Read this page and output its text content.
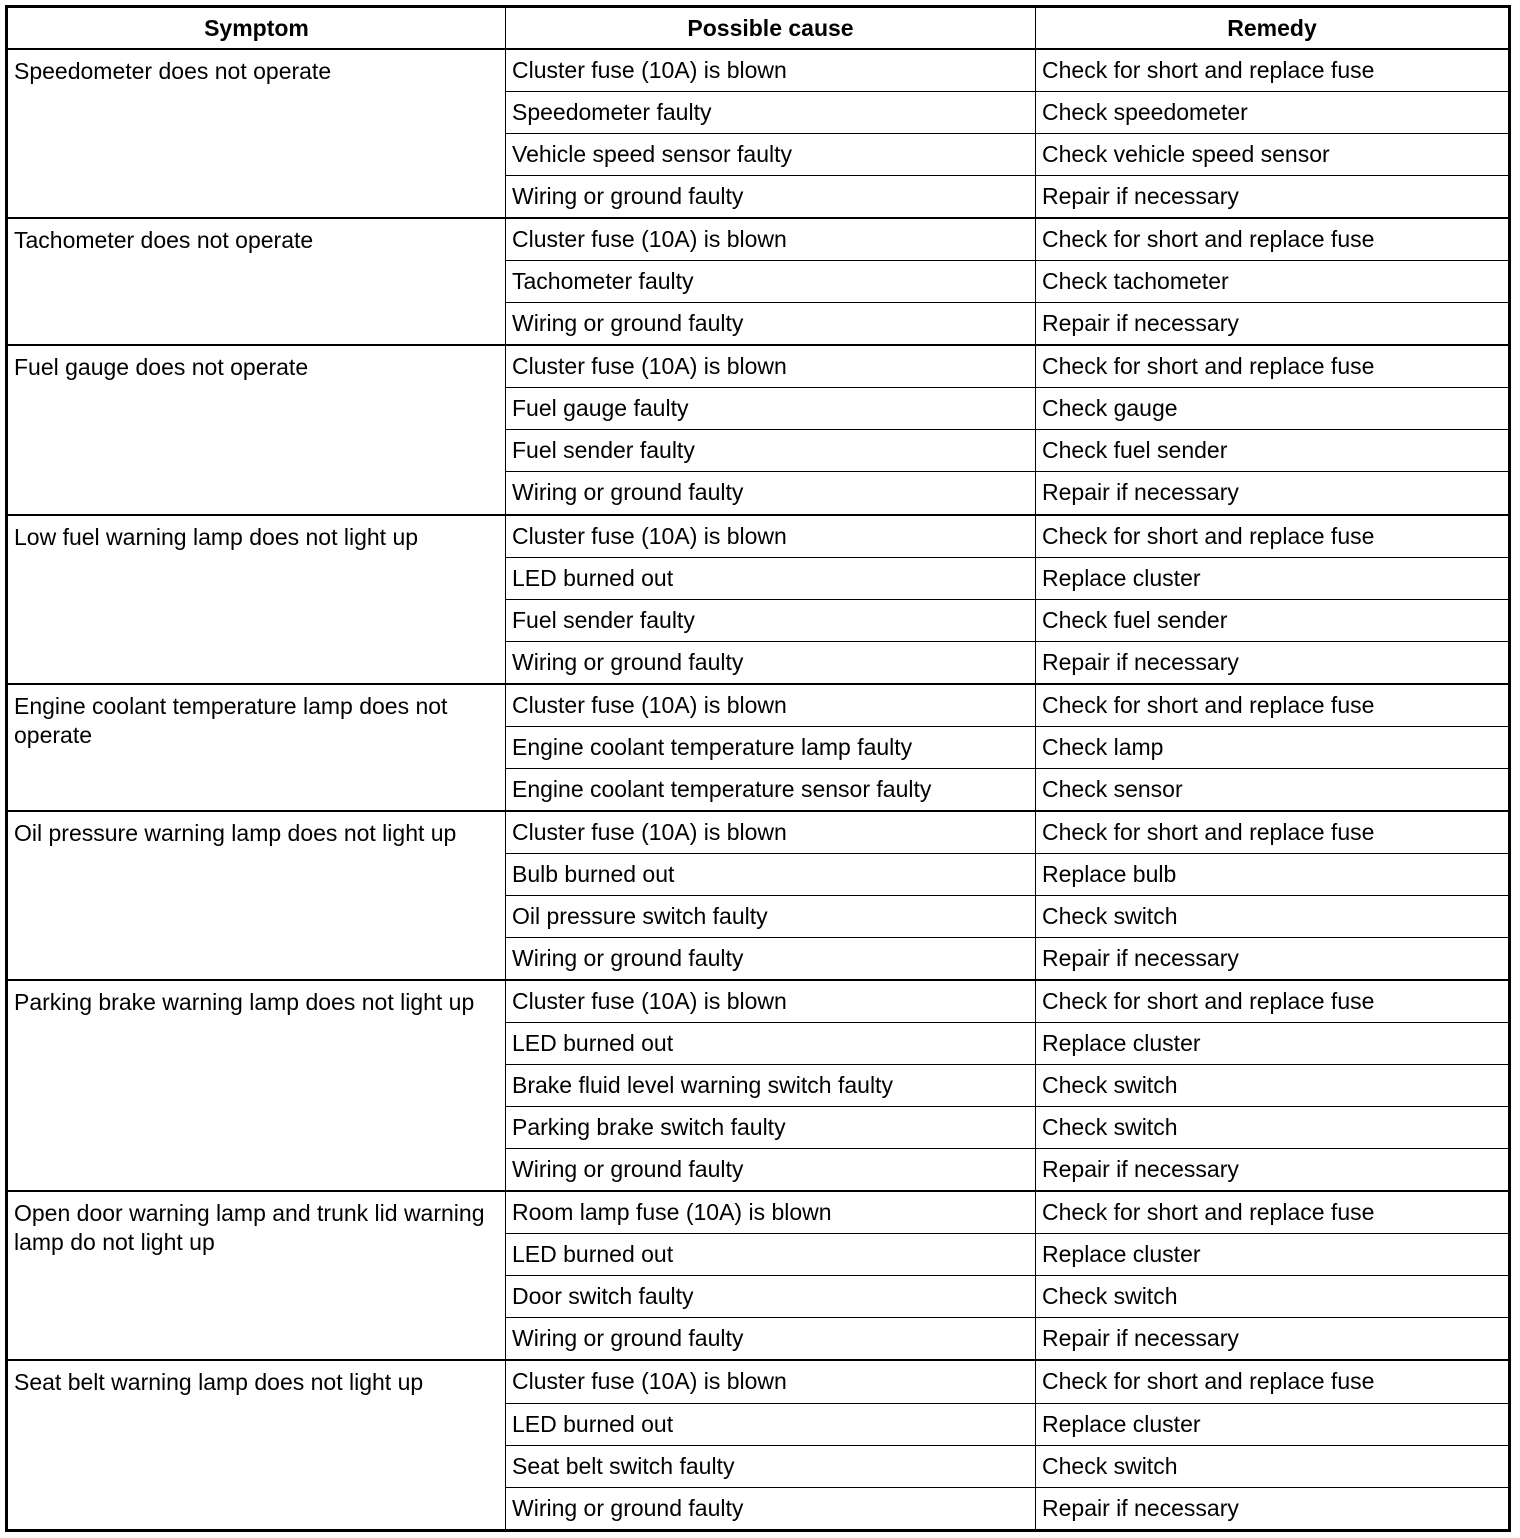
Symptom	Possible cause	Remedy
Speedometer does not operate	Cluster fuse (10A) is blown	Check for short and replace fuse
	Speedometer faulty	Check speedometer
	Vehicle speed sensor faulty	Check vehicle speed sensor
	Wiring or ground faulty	Repair if necessary
Tachometer does not operate	Cluster fuse (10A) is blown	Check for short and replace fuse
	Tachometer faulty	Check tachometer
	Wiring or ground faulty	Repair if necessary
Fuel gauge does not operate	Cluster fuse (10A) is blown	Check for short and replace fuse
	Fuel gauge faulty	Check gauge
	Fuel sender faulty	Check fuel sender
	Wiring or ground faulty	Repair if necessary
Low fuel warning lamp does not light up	Cluster fuse (10A) is blown	Check for short and replace fuse
	LED burned out	Replace cluster
	Fuel sender faulty	Check fuel sender
	Wiring or ground faulty	Repair if necessary
Engine coolant temperature lamp does not operate	Cluster fuse (10A) is blown	Check for short and replace fuse
	Engine coolant temperature lamp faulty	Check lamp
	Engine coolant temperature sensor faulty	Check sensor
Oil pressure warning lamp does not light up	Cluster fuse (10A) is blown	Check for short and replace fuse
	Bulb burned out	Replace bulb
	Oil pressure switch faulty	Check switch
	Wiring or ground faulty	Repair if necessary
Parking brake warning lamp does not light up	Cluster fuse (10A) is blown	Check for short and replace fuse
	LED burned out	Replace cluster
	Brake fluid level warning switch faulty	Check switch
	Parking brake switch faulty	Check switch
	Wiring or ground faulty	Repair if necessary
Open door warning lamp and trunk lid warning lamp do not light up	Room lamp fuse (10A) is blown	Check for short and replace fuse
	LED burned out	Replace cluster
	Door switch faulty	Check switch
	Wiring or ground faulty	Repair if necessary
Seat belt warning lamp does not light up	Cluster fuse (10A) is blown	Check for short and replace fuse
	LED burned out	Replace cluster
	Seat belt switch faulty	Check switch
	Wiring or ground faulty	Repair if necessary
